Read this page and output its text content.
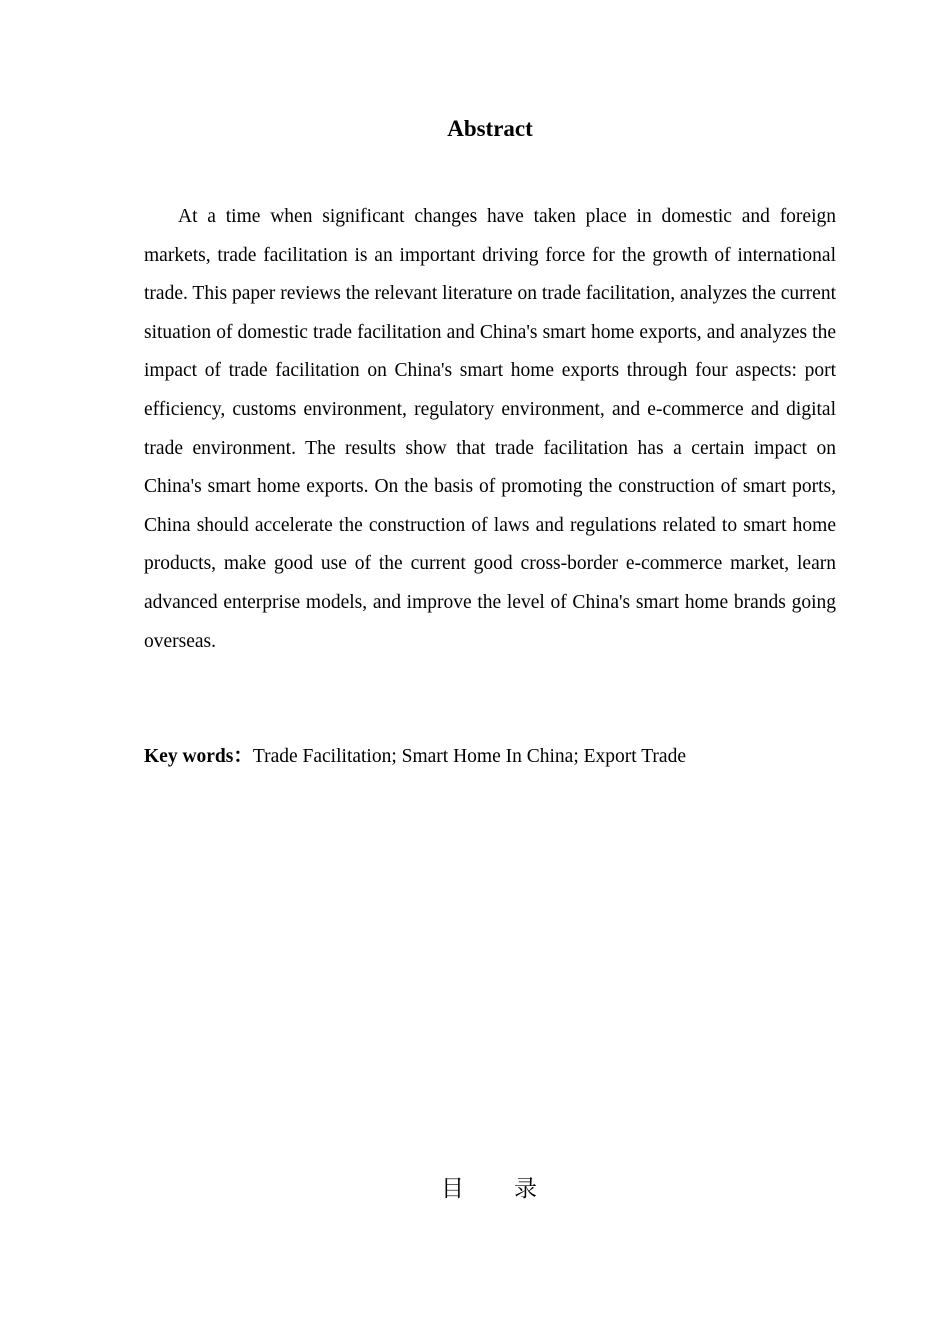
Abstract

At a time when significant changes have taken place in domestic and foreign markets, trade facilitation is an important driving force for the growth of international trade. This paper reviews the relevant literature on trade facilitation, analyzes the current situation of domestic trade facilitation and China's smart home exports, and analyzes the impact of trade facilitation on China's smart home exports through four aspects: port efficiency, customs environment, regulatory environment, and e-commerce and digital trade environment. The results show that trade facilitation has a certain impact on China's smart home exports. On the basis of promoting the construction of smart ports, China should accelerate the construction of laws and regulations related to smart home products, make good use of the current good cross-border e-commerce market, learn advanced enterprise models, and improve the level of China's smart home brands going overseas.

Key words：Trade Facilitation; Smart Home In China; Export Trade
目 录
